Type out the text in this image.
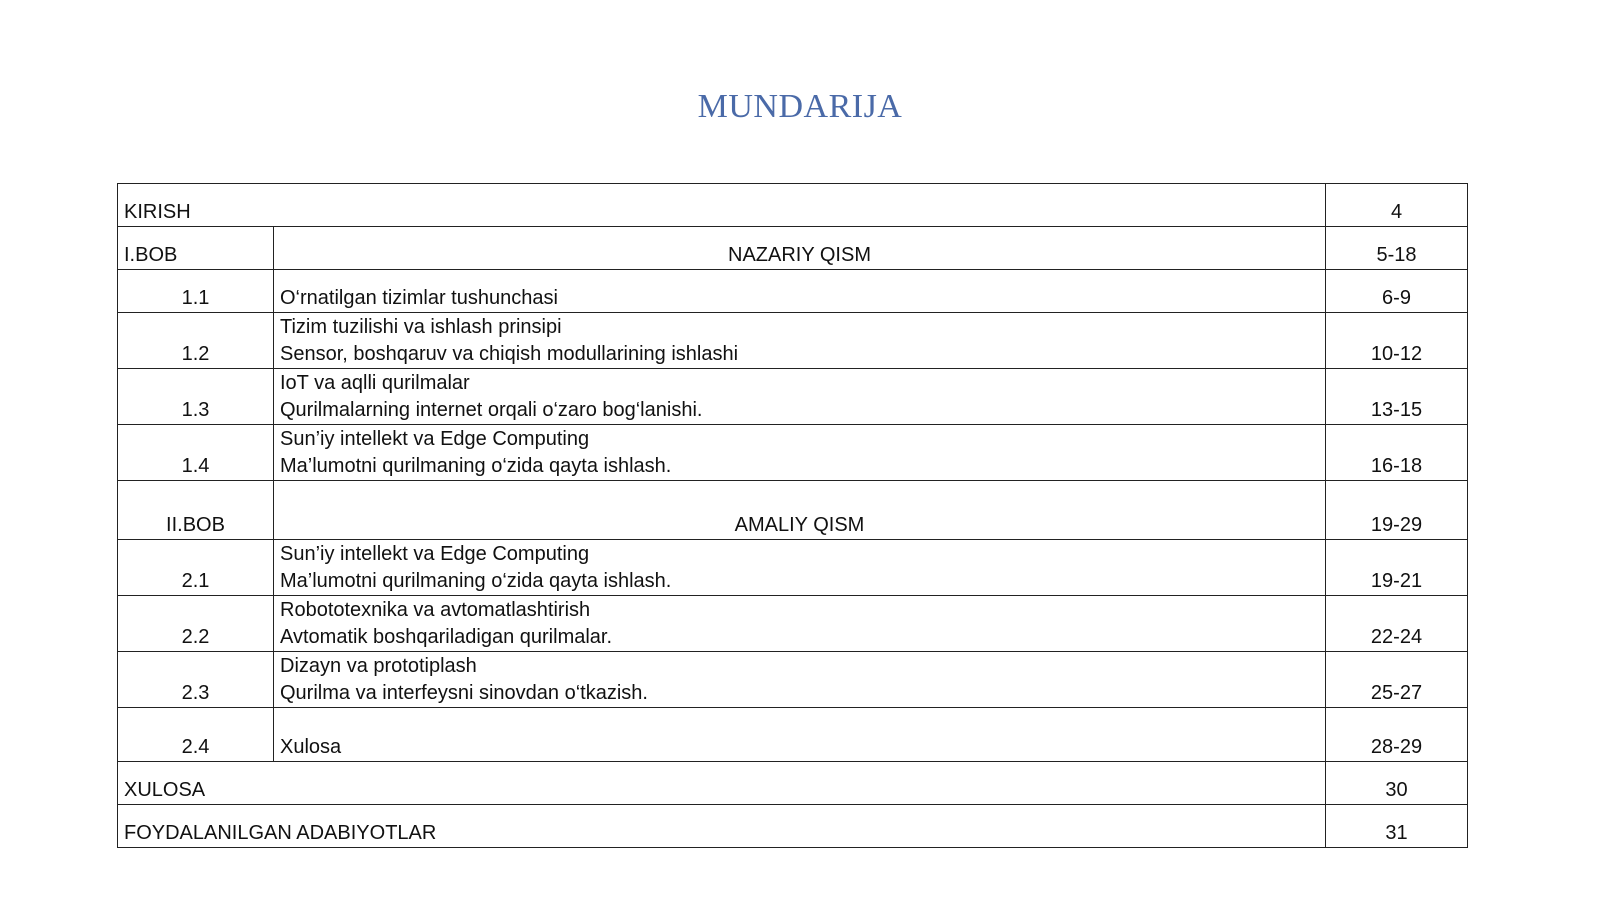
MUNDARIJA
KIRISH		4
I.BOB	NAZARIY QISM	5-18
1.1	O‘rnatilgan tizimlar tushunchasi	6-9
1.2	Tizim tuzilishi va ishlash prinsipi
Sensor, boshqaruv va chiqish modullarining ishlashi	10-12
1.3	IoT va aqlli qurilmalar
Qurilmalarning internet orqali o‘zaro bog‘lanishi.	13-15
1.4	Sun’iy intellekt va Edge Computing
Ma’lumotni qurilmaning o‘zida qayta ishlash.	16-18
II.BOB	AMALIY QISM	19-29
2.1	Sun’iy intellekt va Edge Computing
Ma’lumotni qurilmaning o‘zida qayta ishlash.	19-21
2.2	Robototexnika va avtomatlashtirish
Avtomatik boshqariladigan qurilmalar.	22-24
2.3	Dizayn va prototiplash
Qurilma va interfeysni sinovdan o‘tkazish.	25-27
2.4	Xulosa	28-29
XULOSA		30
FOYDALANILGAN ADABIYOTLAR		31
